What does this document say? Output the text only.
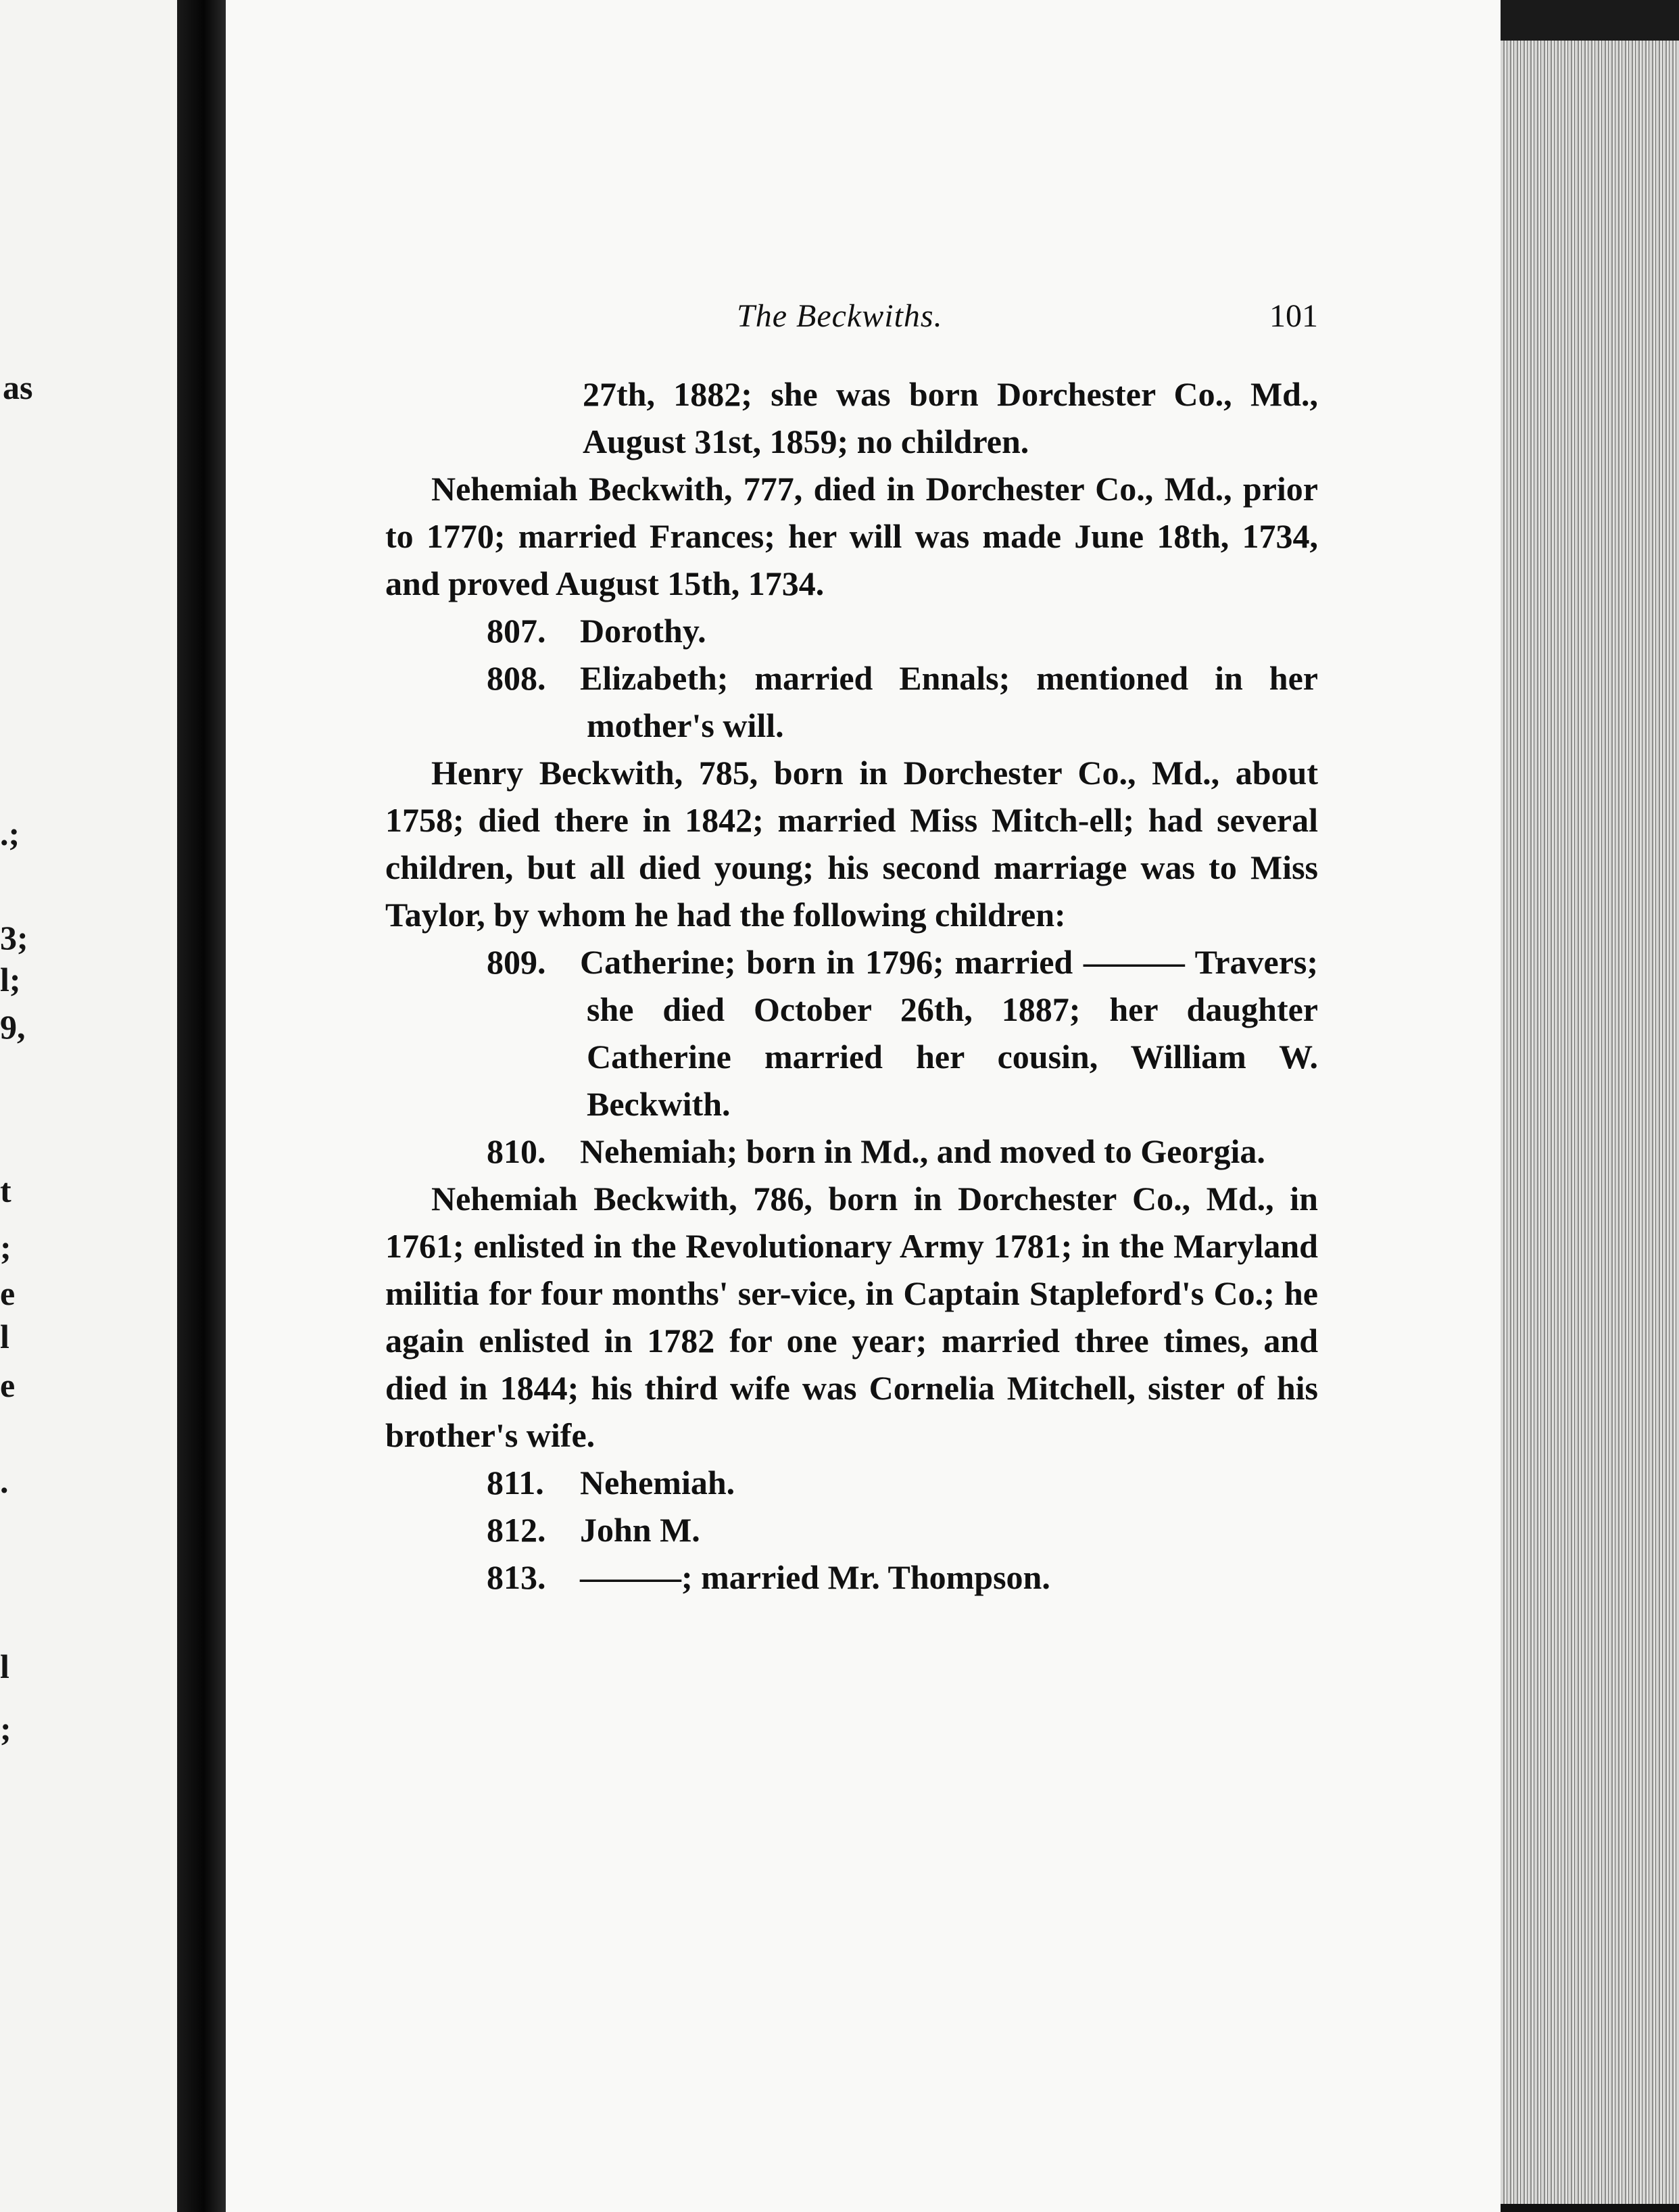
as
.;
3;
l;
9,
t
;
e
l
e
.
l
;
The Beckwiths.	101

27th, 1882; she was born Dorchester Co., Md., August 31st, 1859; no children.

Nehemiah Beckwith, 777, died in Dorchester Co., Md., prior to 1770; married Frances; her will was made June 18th, 1734, and proved August 15th, 1734.

807. Dorothy.

808. Elizabeth; married Ennals; mentioned in her mother's will.

Henry Beckwith, 785, born in Dorchester Co., Md., about 1758; died there in 1842; married Miss Mitch-ell; had several children, but all died young; his second marriage was to Miss Taylor, by whom he had the following children:

809. Catherine; born in 1796; married ——— Travers; she died October 26th, 1887; her daughter Catherine married her cousin, William W. Beckwith.

810. Nehemiah; born in Md., and moved to Georgia.

Nehemiah Beckwith, 786, born in Dorchester Co., Md., in 1761; enlisted in the Revolutionary Army 1781; in the Maryland militia for four months' ser-vice, in Captain Stapleford's Co.; he again enlisted in 1782 for one year; married three times, and died in 1844; his third wife was Cornelia Mitchell, sister of his brother's wife.

811. Nehemiah.

812. John M.

813. ———; married Mr. Thompson.
